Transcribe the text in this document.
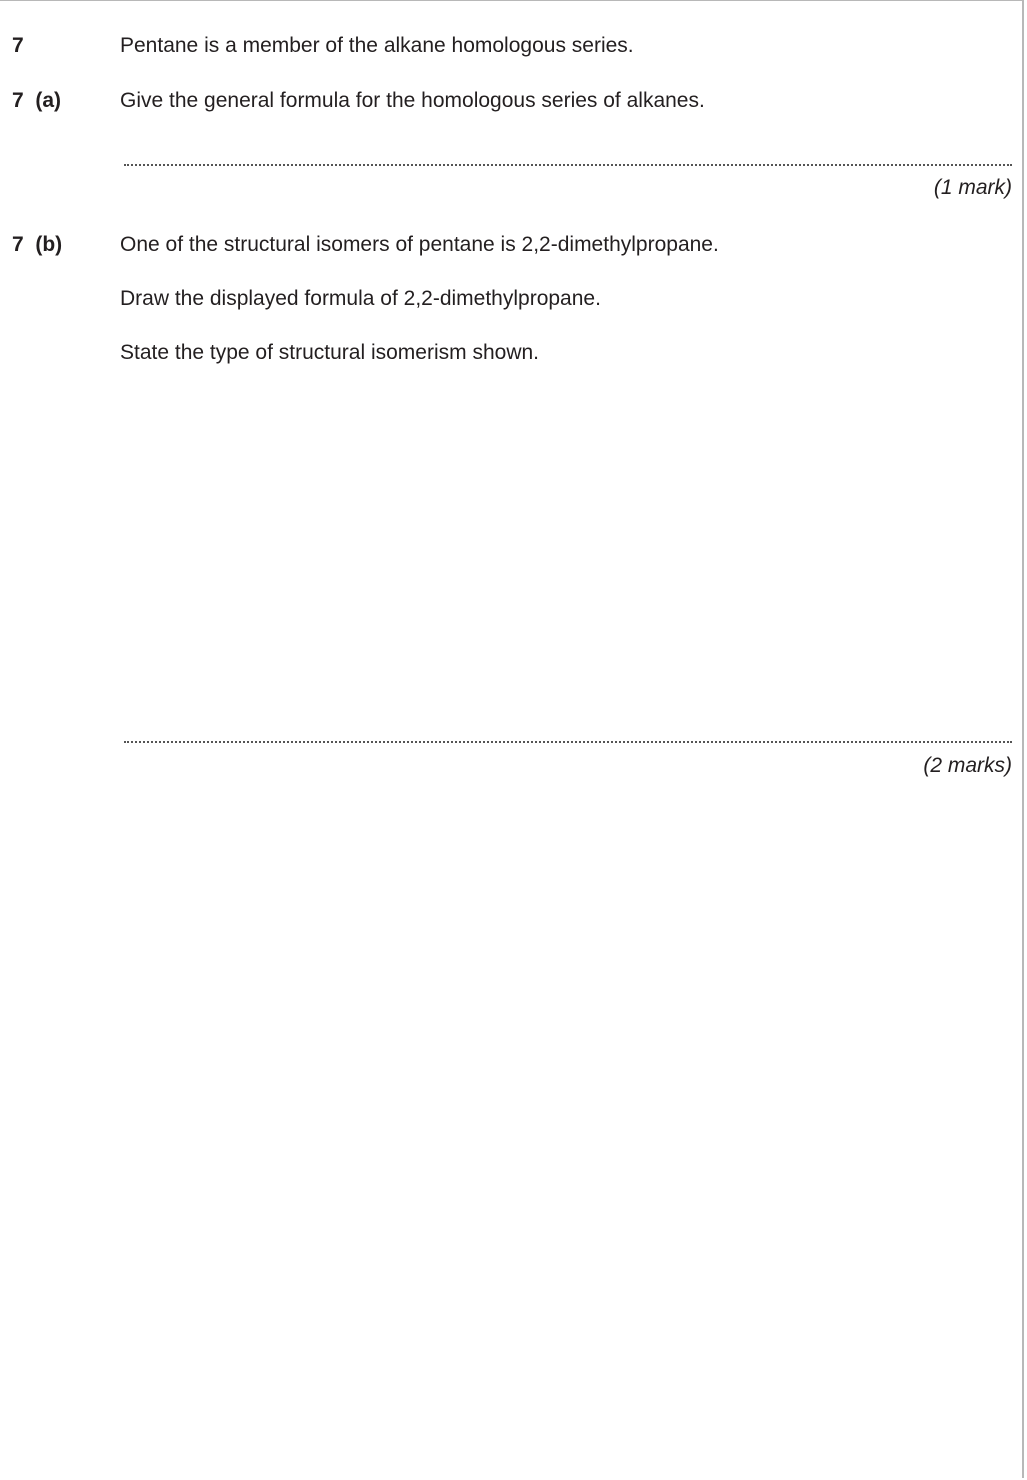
7	Pentane is a member of the alkane homologous series.
7  (a)	Give the general formula for the homologous series of alkanes.
(1 mark)
7  (b)	One of the structural isomers of pentane is 2,2-dimethylpropane.
Draw the displayed formula of 2,2-dimethylpropane.
State the type of structural isomerism shown.
(2 marks)
